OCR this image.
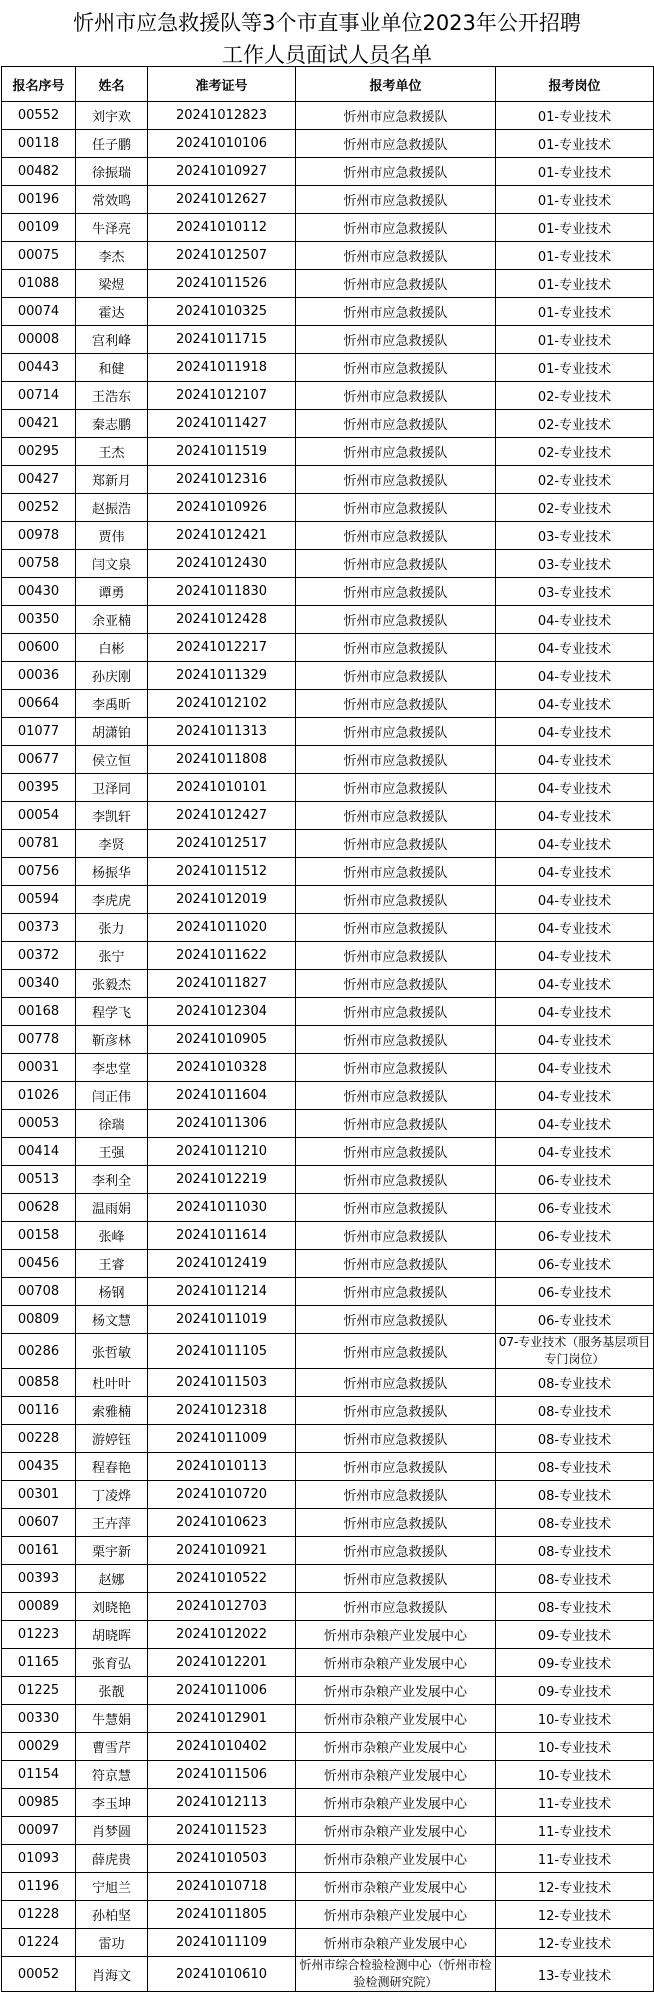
忻州市应急救援队等3个市直事业单位2023年公开招聘
工作人员面试人员名单
报名序号	姓名	准考证号	报考单位	报考岗位
00552	刘宇欢	20241012823	忻州市应急救援队	01-专业技术
00118	任子鹏	20241010106	忻州市应急救援队	01-专业技术
00482	徐振瑞	20241010927	忻州市应急救援队	01-专业技术
00196	常效鸣	20241012627	忻州市应急救援队	01-专业技术
00109	牛泽亮	20241010112	忻州市应急救援队	01-专业技术
00075	李杰	20241012507	忻州市应急救援队	01-专业技术
01088	梁煜	20241011526	忻州市应急救援队	01-专业技术
00074	霍达	20241010325	忻州市应急救援队	01-专业技术
00008	宫利峰	20241011715	忻州市应急救援队	01-专业技术
00443	和健	20241011918	忻州市应急救援队	01-专业技术
00714	王浩东	20241012107	忻州市应急救援队	02-专业技术
00421	秦志鹏	20241011427	忻州市应急救援队	02-专业技术
00295	王杰	20241011519	忻州市应急救援队	02-专业技术
00427	郑新月	20241012316	忻州市应急救援队	02-专业技术
00252	赵振浩	20241010926	忻州市应急救援队	02-专业技术
00978	贾伟	20241012421	忻州市应急救援队	03-专业技术
00758	闫文泉	20241012430	忻州市应急救援队	03-专业技术
00430	谭勇	20241011830	忻州市应急救援队	03-专业技术
00350	余亚楠	20241012428	忻州市应急救援队	04-专业技术
00600	白彬	20241012217	忻州市应急救援队	04-专业技术
00036	孙庆刚	20241011329	忻州市应急救援队	04-专业技术
00664	李禹昕	20241012102	忻州市应急救援队	04-专业技术
01077	胡潇铂	20241011313	忻州市应急救援队	04-专业技术
00677	侯立恒	20241011808	忻州市应急救援队	04-专业技术
00395	卫泽同	20241010101	忻州市应急救援队	04-专业技术
00054	李凯轩	20241012427	忻州市应急救援队	04-专业技术
00781	李贤	20241012517	忻州市应急救援队	04-专业技术
00756	杨振华	20241011512	忻州市应急救援队	04-专业技术
00594	李虎虎	20241012019	忻州市应急救援队	04-专业技术
00373	张力	20241011020	忻州市应急救援队	04-专业技术
00372	张宁	20241011622	忻州市应急救援队	04-专业技术
00340	张毅杰	20241011827	忻州市应急救援队	04-专业技术
00168	程学飞	20241012304	忻州市应急救援队	04-专业技术
00778	靳彦林	20241010905	忻州市应急救援队	04-专业技术
00031	李忠堂	20241010328	忻州市应急救援队	04-专业技术
01026	闫正伟	20241011604	忻州市应急救援队	04-专业技术
00053	徐瑞	20241011306	忻州市应急救援队	04-专业技术
00414	王强	20241011210	忻州市应急救援队	04-专业技术
00513	李利全	20241012219	忻州市应急救援队	06-专业技术
00628	温雨娟	20241011030	忻州市应急救援队	06-专业技术
00158	张峰	20241011614	忻州市应急救援队	06-专业技术
00456	王睿	20241012419	忻州市应急救援队	06-专业技术
00708	杨钢	20241011214	忻州市应急救援队	06-专业技术
00809	杨文慧	20241011019	忻州市应急救援队	06-专业技术
00286	张哲敏	20241011105	忻州市应急救援队	07-专业技术（服务基层项目专门岗位）
00858	杜叶叶	20241011503	忻州市应急救援队	08-专业技术
00116	索雅楠	20241012318	忻州市应急救援队	08-专业技术
00228	游婷钰	20241011009	忻州市应急救援队	08-专业技术
00435	程春艳	20241010113	忻州市应急救援队	08-专业技术
00301	丁凌烨	20241010720	忻州市应急救援队	08-专业技术
00607	王卉萍	20241010623	忻州市应急救援队	08-专业技术
00161	栗宇新	20241010921	忻州市应急救援队	08-专业技术
00393	赵娜	20241010522	忻州市应急救援队	08-专业技术
00089	刘晓艳	20241012703	忻州市应急救援队	08-专业技术
01223	胡晓晖	20241012022	忻州市杂粮产业发展中心	09-专业技术
01165	张育弘	20241012201	忻州市杂粮产业发展中心	09-专业技术
01225	张靓	20241011006	忻州市杂粮产业发展中心	09-专业技术
00330	牛慧娟	20241012901	忻州市杂粮产业发展中心	10-专业技术
00029	曹雪芹	20241010402	忻州市杂粮产业发展中心	10-专业技术
01154	符京慧	20241011506	忻州市杂粮产业发展中心	10-专业技术
00985	李玉坤	20241012113	忻州市杂粮产业发展中心	11-专业技术
00097	肖梦圆	20241011523	忻州市杂粮产业发展中心	11-专业技术
01093	薛虎贵	20241010503	忻州市杂粮产业发展中心	11-专业技术
01196	宁旭兰	20241010718	忻州市杂粮产业发展中心	12-专业技术
01228	孙柏坚	20241011805	忻州市杂粮产业发展中心	12-专业技术
01224	雷功	20241011109	忻州市杂粮产业发展中心	12-专业技术
00052	肖海文	20241010610	忻州市综合检验检测中心（忻州市检验检测研究院）	13-专业技术
